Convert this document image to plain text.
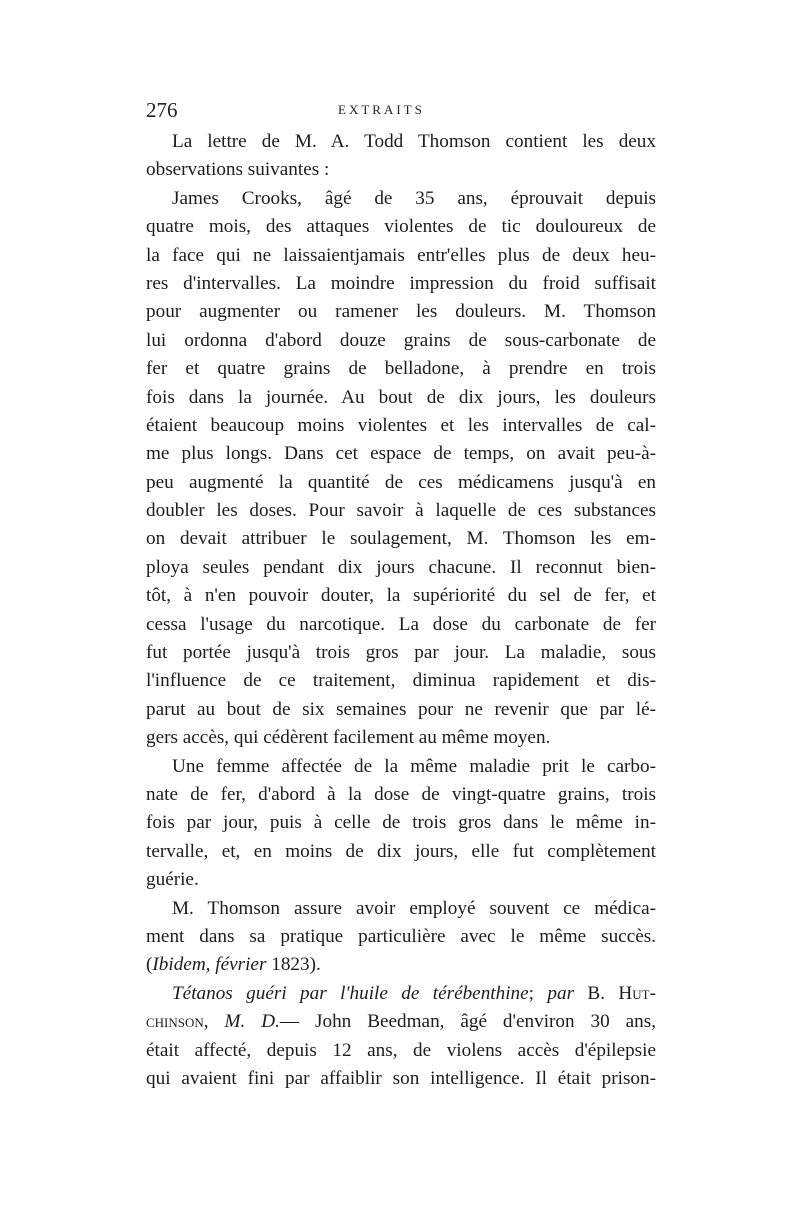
276	EXTRAITS
La lettre de M. A. Todd Thomson contient les deux
observations suivantes :
James Crooks, âgé de 35 ans, éprouvait depuis
quatre mois, des attaques violentes de tic douloureux de
la face qui ne laissaientjamais entr'elles plus de deux heu-
res d'intervalles. La moindre impression du froid suffisait
pour augmenter ou ramener les douleurs. M. Thomson
lui ordonna d'abord douze grains de sous-carbonate de
fer et quatre grains de belladone, à prendre en trois
fois dans la journée. Au bout de dix jours, les douleurs
étaient beaucoup moins violentes et les intervalles de cal-
me plus longs. Dans cet espace de temps, on avait peu-à-
peu augmenté la quantité de ces médicamens jusqu'à en
doubler les doses. Pour savoir à laquelle de ces substances
on devait attribuer le soulagement, M. Thomson les em-
ploya seules pendant dix jours chacune. Il reconnut bien-
tôt, à n'en pouvoir douter, la supériorité du sel de fer, et
cessa l'usage du narcotique. La dose du carbonate de fer
fut portée jusqu'à trois gros par jour. La maladie, sous
l'influence de ce traitement, diminua rapidement et dis-
parut au bout de six semaines pour ne revenir que par lé-
gers accès, qui cédèrent facilement au même moyen.
Une femme affectée de la même maladie prit le carbo-
nate de fer, d'abord à la dose de vingt-quatre grains, trois
fois par jour, puis à celle de trois gros dans le même in-
tervalle, et, en moins de dix jours, elle fut complètement
guérie.
M. Thomson assure avoir employé souvent ce médica-
ment dans sa pratique particulière avec le même succès.
(Ibidem, février 1823).
Tétanos guéri par l'huile de térébenthine; par B. Hut-
chinson, M. D.— John Beedman, âgé d'environ 30 ans,
était affecté, depuis 12 ans, de violens accès d'épilepsie
qui avaient fini par affaiblir son intelligence. Il était prison-
